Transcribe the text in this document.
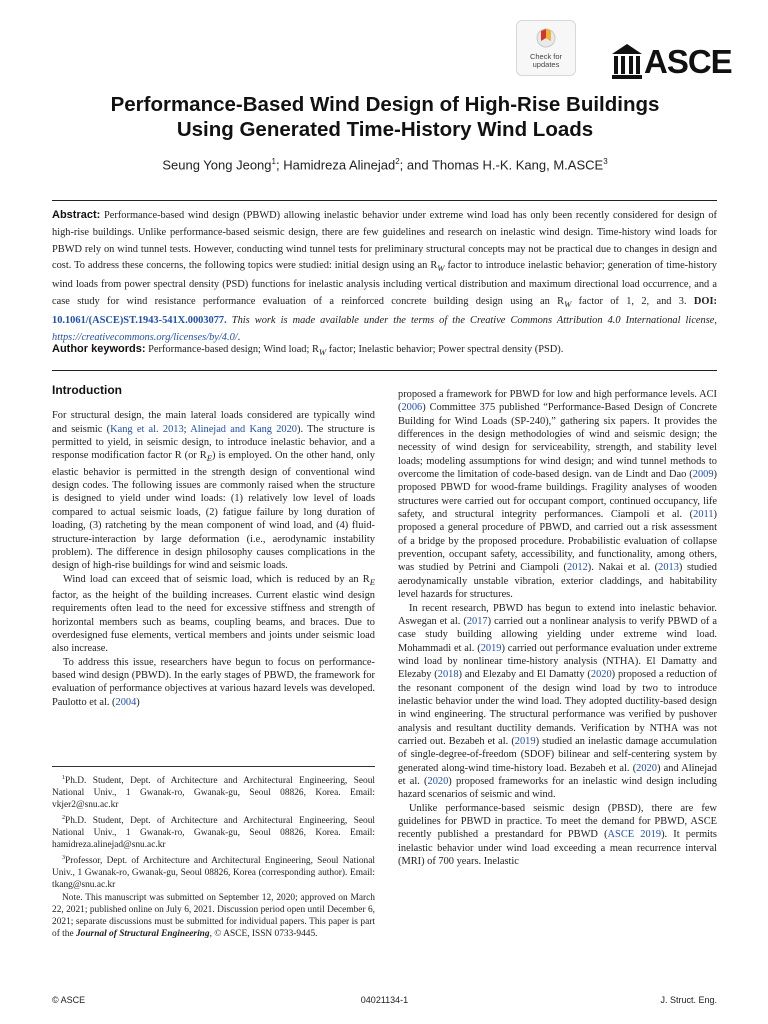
Check for
updates	ASCE
Performance-Based Wind Design of High-Rise Buildings
Using Generated Time-History Wind Loads
Seung Yong Jeong$^1$; Hamidreza Alinejad$^2$; and Thomas H.-K. Kang, M.ASCE$^3$
Abstract: Performance-based wind design (PBWD) allowing inelastic behavior under extreme wind load has only been recently considered for design of high-rise buildings. Unlike performance-based seismic design, there are few guidelines and research on inelastic wind design. Time-history wind loads for PBWD rely on wind tunnel tests. However, conducting wind tunnel tests for preliminary structural concepts may not be practical due to changes in design and cost. To address these concerns, the following topics were studied: initial design using an $R_W$ factor to introduce inelastic behavior; generation of time-history wind loads from power spectral density (PSD) functions for inelastic analysis including vertical distribution and maximum directional load occurrence, and a case study for wind resistance performance evaluation of a reinforced concrete building design using an $R_W$ factor of 1, 2, and 3. DOI: 10.1061/(ASCE)ST.1943-541X.0003077. This work is made available under the terms of the Creative Commons Attribution 4.0 International license, https://creativecommons.org/licenses/by/4.0/.
Author keywords: Performance-based design; Wind load; $R_W$ factor; Inelastic behavior; Power spectral density (PSD).
Introduction

For structural design, the main lateral loads considered are typically wind and seismic (Kang et al. 2013; Alinejad and Kang 2020). The structure is permitted to yield, in seismic design, to introduce inelastic behavior, and a response modification factor R (or $R_E$) is employed. On the other hand, only elastic behavior is permitted in the strength design of conventional wind design codes. The following issues are commonly raised when the structure is designed to yield under wind loads: (1) relatively low level of loads compared to actual seismic loads, (2) fatigue failure by long duration of loading, (3) ratcheting by the mean component of wind load, and (4) fluid-structure-interaction by large deformation (i.e., aerodynamic instability problem). The difference in design philosophy causes complications in the design of high-rise buildings for wind and seismic loads.

Wind load can exceed that of seismic load, which is reduced by an $R_E$ factor, as the height of the building increases. Current elastic wind design requirements often lead to the need for excessive stiffness and strength of horizontal members such as beams, coupling beams, and braces. Due to overdesigned fuse elements, vertical members and joints under seismic load also increase.

To address this issue, researchers have begun to focus on performance-based wind design (PBWD). In the early stages of PBWD, the framework for evaluation of performance objectives at various hazard levels was developed. Paulotto et al. (2004)

$^1$Ph.D. Student, Dept. of Architecture and Architectural Engineering, Seoul National Univ., 1 Gwanak-ro, Gwanak-gu, Seoul 08826, Korea. Email: vkjer2@snu.ac.kr

$^2$Ph.D. Student, Dept. of Architecture and Architectural Engineering, Seoul National Univ., 1 Gwanak-ro, Gwanak-gu, Seoul 08826, Korea. Email: hamidreza.alinejad@snu.ac.kr

$^3$Professor, Dept. of Architecture and Architectural Engineering, Seoul National Univ., 1 Gwanak-ro, Gwanak-gu, Seoul 08826, Korea (corresponding author). Email: tkang@snu.ac.kr

Note. This manuscript was submitted on September 12, 2020; approved on March 22, 2021; published online on July 6, 2021. Discussion period open until December 6, 2021; separate discussions must be submitted for individual papers. This paper is part of the Journal of Structural Engineering, © ASCE, ISSN 0733-9445.

proposed a framework for PBWD for low and high performance levels. ACI (2006) Committee 375 published “Performance-Based Design of Concrete Building for Wind Loads (SP-240),” gathering six papers. It provides the differences in the design methodologies of wind and seismic design; the necessity of wind design for serviceability, strength, and stability level loads; modeling assumptions for wind design; and wind tunnel methods to overcome the limitation of code-based design. van de Lindt and Dao (2009) proposed PBWD for wood-frame buildings. Fragility analyses of wooden structures were carried out for occupant comport, continued occupancy, life safety, and structural integrity performances. Ciampoli et al. (2011) proposed a general procedure of PBWD, and carried out a risk assessment of a bridge by the proposed procedure. Probabilistic evaluation of collapse prevention, occupant safety, accessibility, and functionality, among others, was studied by Petrini and Ciampoli (2012). Nakai et al. (2013) studied aerodynamically unstable vibration, exterior claddings, and habitability level hazards for structures.

In recent research, PBWD has begun to extend into inelastic behavior. Aswegan et al. (2017) carried out a nonlinear analysis to verify PBWD of a case study building allowing yielding under extreme wind load. Mohammadi et al. (2019) carried out performance evaluation under extreme wind load by nonlinear time-history analysis (NTHA). El Damatty and Elezaby (2018) and Elezaby and El Damatty (2020) proposed a reduction of the resonant component of the design wind load by two to introduce inelastic behavior under the wind load. They adopted ductility-based design in wind engineering. The structural performance was verified by pushover analysis and resultant ductility demands. Verification by NTHA was not carried out. Bezabeh et al. (2019) studied an inelastic damage accumulation of single-degree-of-freedom (SDOF) bilinear and self-centering system by generated along-wind time-history load. Bezabeh et al. (2020) and Alinejad et al. (2020) proposed frameworks for an inelastic wind design including hazard scenarios of seismic and wind.

Unlike performance-based seismic design (PBSD), there are few guidelines for PBWD in practice. To meet the demand for PBWD, ASCE recently published a prestandard for PBWD (ASCE 2019). It permits inelastic behavior under wind load exceeding a mean recurrence interval (MRI) of 700 years. Inelastic

© ASCE	04021134-1	J. Struct. Eng.
